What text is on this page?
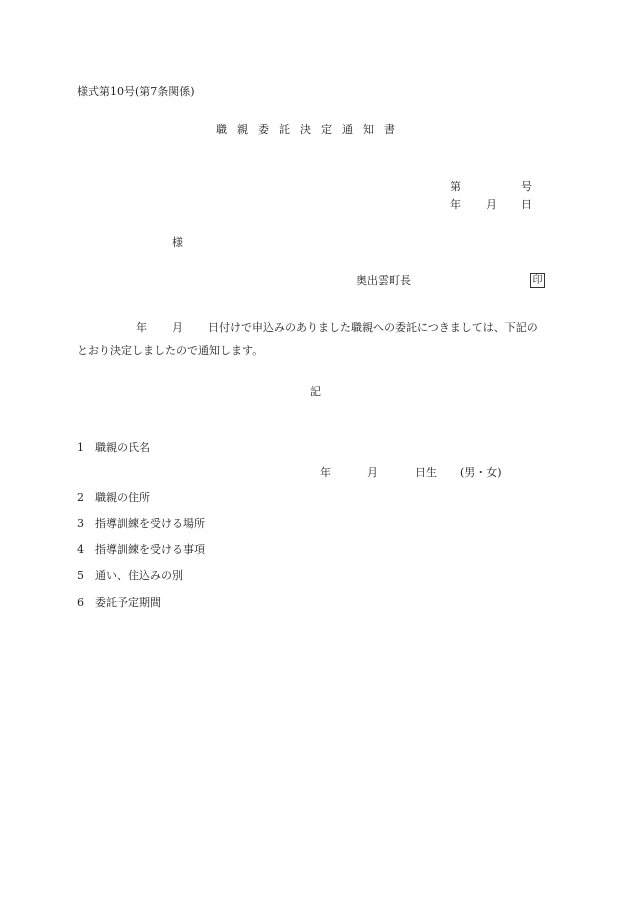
様式第10号(第7条関係)
職 親 委 託 決 定 通 知 書
第	号
年 月 日
様
奥出雲町長	印
年 月 日付けで申込みのありました職親への委託につきましては、下記の
とおり決定しましたので通知します。
記
1 職親の氏名
年	月	日生 (男・女)
2 職親の住所
3 指導訓練を受ける場所
4 指導訓練を受ける事項
5 通い、住込みの別
6 委託予定期間
